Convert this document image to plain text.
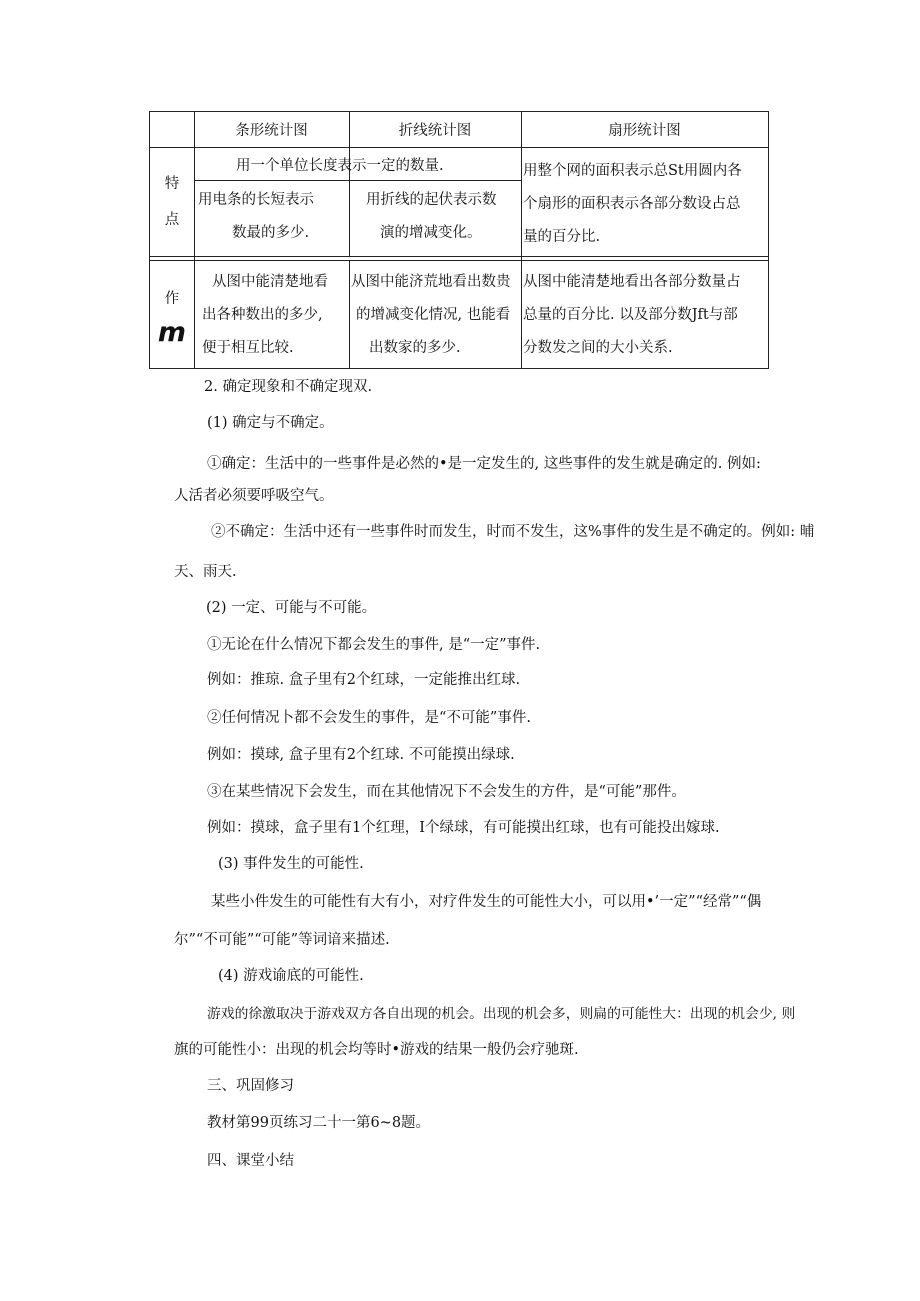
条形统计图	折线统计图	扇形统计图
特
点
用一个单位长度表示一定的数量.
用电条的长短表示
数最的多少.
用折线的起伏表示数
演的增减变化。
用整个网的面积表示总St用圆内各
个扇形的面积表示各部分数设占总
量的百分比.
作
m
从图中能清楚地看
出各种数出的多少,
便于相互比较.
从图中能济荒地看出数贵
的增减变化情况, 也能看
出数家的多少.
从图中能清楚地看出各部分数量占
总量的百分比. 以及部分数Jft与部
分数发之间的大小关系.
2. 确定现象和不确定现双.
(1) 确定与不确定。
①确定：生活中的一些事件是必然的•是一定发生的, 这些事件的发生就是确定的. 例如:
人活者必须要呼吸空气。
②不确定：生活中还有一些事件时而发生，时而不发生，这%事件的发生是不确定的。例如: 晡
天、雨天.
(2) 一定、可能与不可能。
①无论在什么情况下都会发生的事件, 是“一定”事件.
例如：推琼. 盒子里有2个红球，一定能推出红球.
②任何情况卜都不会发生的事件，是“不可能”事件.
例如：摸球, 盒子里有2个红球. 不可能摸出绿球.
③在某些情况下会发生，而在其他情况下不会发生的方件，是“可能”那件。
例如：摸球，盒子里有1个红理，I个绿球，有可能摸出红球，也有可能投出嫁球.
(3) 事件发生的可能性.
某些小件发生的可能性有大有小，对疗件发生的可能性大小，可以用•’一定”“经常”“偶
尔”“不可能”“可能”等词谙来描述.
(4) 游戏谕底的可能性.
游戏的徐激取决于游戏双方各自出现的机会。出现的机会多，则扁的可能性大：出现的机会少, 则
旗的可能性小：出现的机会均等时•游戏的结果一般仍会疗驰斑.
三、巩固修习
教材第99页练习二十一第6~8题。
四、课堂小结
